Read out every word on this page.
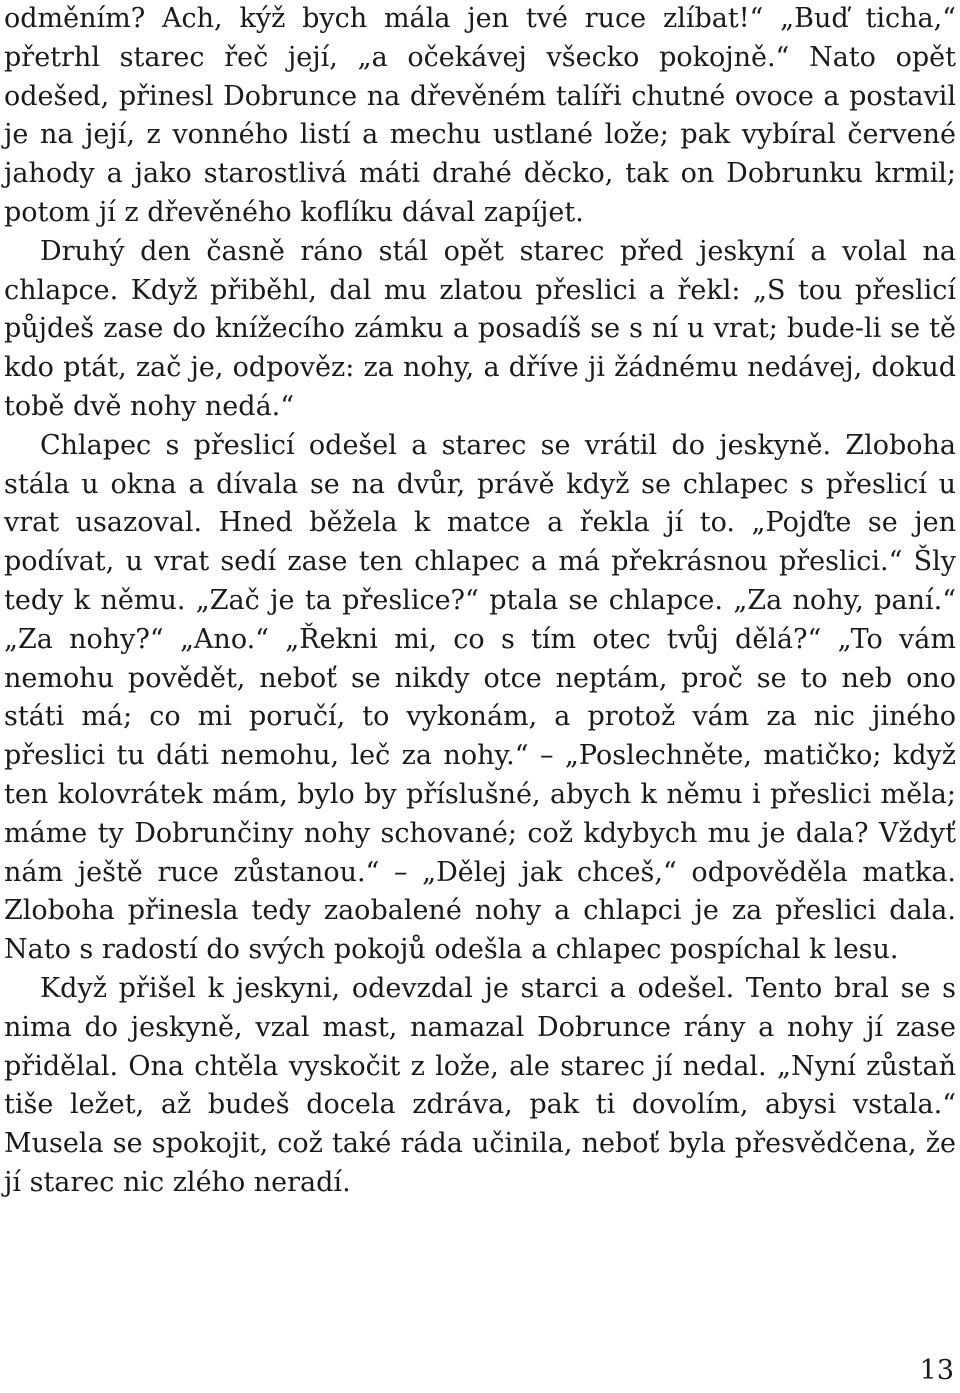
odměním? Ach, kýž bych mála jen tvé ruce zlíbat!“ „Buď ticha,“ přetrhl starec řeč její, „a očekávej všecko pokojně.“ Nato opět odešed, přinesl Dobrunce na dřevěném talíři chutné ovoce a postavil je na její, z vonného listí a mechu ustlané lože; pak vybíral červené jahody a jako starostlivá máti drahé děcko, tak on Dobrunku krmil; potom jí z dřevěného koflíku dával zapíjet.

Druhý den časně ráno stál opět starec před jeskyní a volal na chlapce. Když přiběhl, dal mu zlatou přeslici a řekl: „S tou přeslicí půjdeš zase do knížecího zámku a posadíš se s ní u vrat; bude-li se tě kdo ptát, zač je, odpověz: za nohy, a dříve ji žádnému nedávej, dokud tobě dvě nohy nedá.“

Chlapec s přeslicí odešel a starec se vrátil do jeskyně. Zloboha stála u okna a dívala se na dvůr, právě když se chlapec s přeslicí u vrat usazoval. Hned běžela k matce a řekla jí to. „Pojďte se jen podívat, u vrat sedí zase ten chlapec a má překrásnou přeslici.“ Šly tedy k němu. „Zač je ta přeslice?“ ptala se chlapce. „Za nohy, paní.“ „Za nohy?“ „Ano.“ „Řekni mi, co s tím otec tvůj dělá?“ „To vám nemohu povědět, neboť se nikdy otce neptám, proč se to neb ono státi má; co mi poručí, to vykonám, a protož vám za nic jiného přeslici tu dáti nemohu, leč za nohy.“ – „Poslechněte, matičko; když ten kolovrátek mám, bylo by příslušné, abych k němu i přeslici měla; máme ty Dobrunčiny nohy schované; což kdybych mu je dala? Vždyť nám ještě ruce zůstanou.“ – „Dělej jak chceš,“ odpověděla matka. Zloboha přinesla tedy zaobalené nohy a chlapci je za přeslici dala. Nato s radostí do svých pokojů odešla a chlapec pospíchal k lesu.

Když přišel k jeskyni, odevzdal je starci a odešel. Tento bral se s nima do jeskyně, vzal mast, namazal Dobrunce rány a nohy jí zase přidělal. Ona chtěla vyskočit z lože, ale starec jí nedal. „Nyní zůstaň tiše ležet, až budeš docela zdráva, pak ti dovolím, abysi vstala.“ Musela se spokojit, což také ráda učinila, neboť byla přesvědčena, že jí starec nic zlého neradí.

13
